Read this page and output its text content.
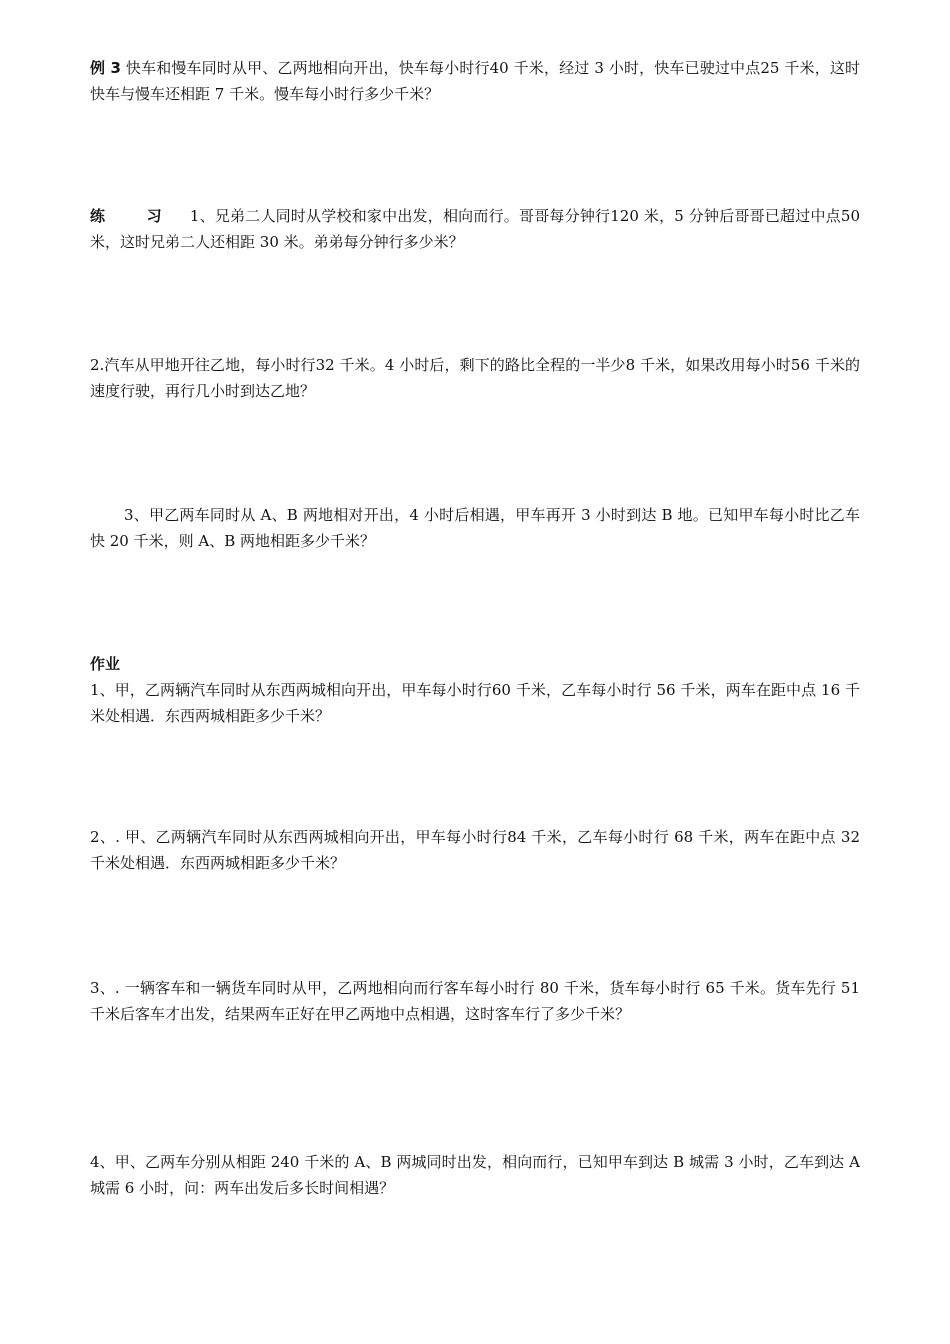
例 3 快车和慢车同时从甲、乙两地相向开出，快车每小时行40 千米，经过 3 小时，快车已驶过中点25 千米，这时快车与慢车还相距 7 千米。慢车每小时行多少千米？
练 习 1、兄弟二人同时从学校和家中出发，相向而行。哥哥每分钟行120 米，5 分钟后哥哥已超过中点50 米，这时兄弟二人还相距 30 米。弟弟每分钟行多少米？
2.汽车从甲地开往乙地，每小时行32 千米。4 小时后，剩下的路比全程的一半少8 千米，如果改用每小时56 千米的速度行驶，再行几小时到达乙地？
3、甲乙两车同时从 A、B 两地相对开出，4 小时后相遇，甲车再开 3 小时到达 B 地。已知甲车每小时比乙车快 20 千米，则 A、B 两地相距多少千米？
作业
1、甲，乙两辆汽车同时从东西两城相向开出，甲车每小时行60 千米，乙车每小时行 56 千米，两车在距中点 16 千米处相遇．东西两城相距多少千米？
2、. 甲、乙两辆汽车同时从东西两城相向开出，甲车每小时行84 千米，乙车每小时行 68 千米，两车在距中点 32 千米处相遇．东西两城相距多少千米？
3、. 一辆客车和一辆货车同时从甲，乙两地相向而行客车每小时行 80 千米，货车每小时行 65 千米。货车先行 51 千米后客车才出发，结果两车正好在甲乙两地中点相遇，这时客车行了多少千米？
4、甲、乙两车分别从相距 240 千米的 A、B 两城同时出发，相向而行，已知甲车到达 B 城需 3 小时，乙车到达 A 城需 6 小时，问：两车出发后多长时间相遇？
